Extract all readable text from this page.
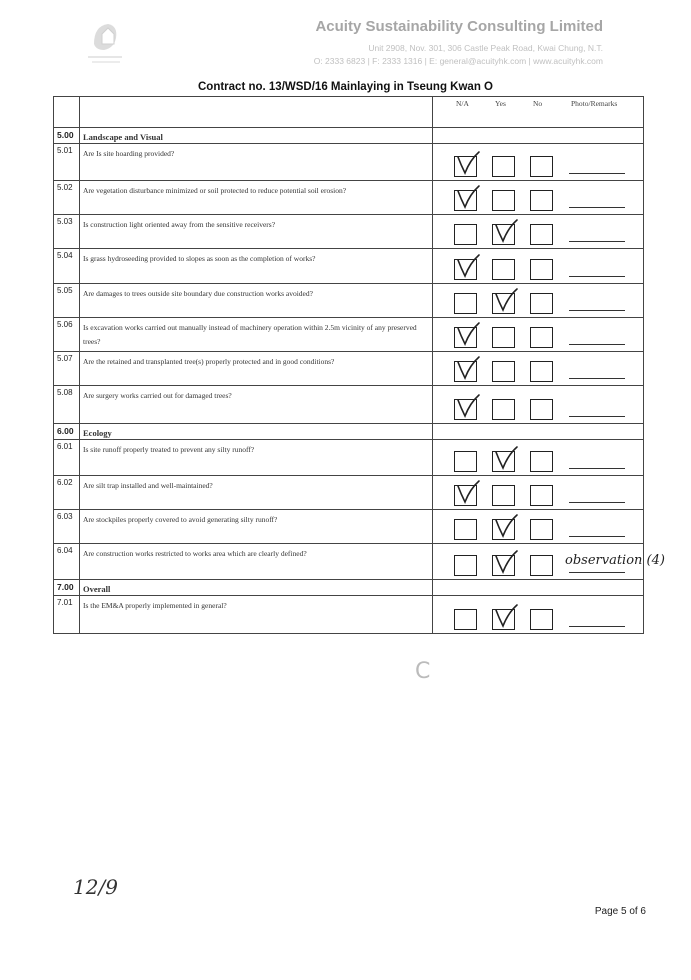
Acuity Sustainability Consulting Limited
Unit 2908, Nov. 301, 306 Castle Peak Road, Kwai Chung, N.T.
O: 2333 6823 | F: 2333 1316 | E: general@acuityhk.com | www.acuityhk.com
Contract no. 13/WSD/16 Mainlaying in Tseung Kwan O

		N/A Yes No Photo/Remarks

5.00	Landscape and Visual	
5.01	Are Is site hoarding provided?	

5.02	Are vegetation disturbance minimized or soil protected to reduce potential soil erosion?	

5.03	Is construction light oriented away from the sensitive receivers?	

5.04	Is grass hydroseeding provided to slopes as soon as the completion of works?	

5.05	Are damages to trees outside site boundary due construction works avoided?	

5.06	Is excavation works carried out manually instead of machinery operation within 2.5m vicinity of any preserved trees?	

5.07	Are the retained and transplanted tree(s) properly protected and in good conditions?	

5.08	Are surgery works carried out for damaged trees?	

6.00	Ecology	
6.01	Is site runoff properly treated to prevent any silty runoff?	

6.02	Are silt trap installed and well-maintained?	

6.03	Are stockpiles properly covered to avoid generating silty runoff?	

6.04	Are construction works restricted to works area which are clearly defined?	observation (4)

7.00	Overall	
7.01	Is the EM&A properly implemented in general?	
C
12/9
Page 5 of 6
